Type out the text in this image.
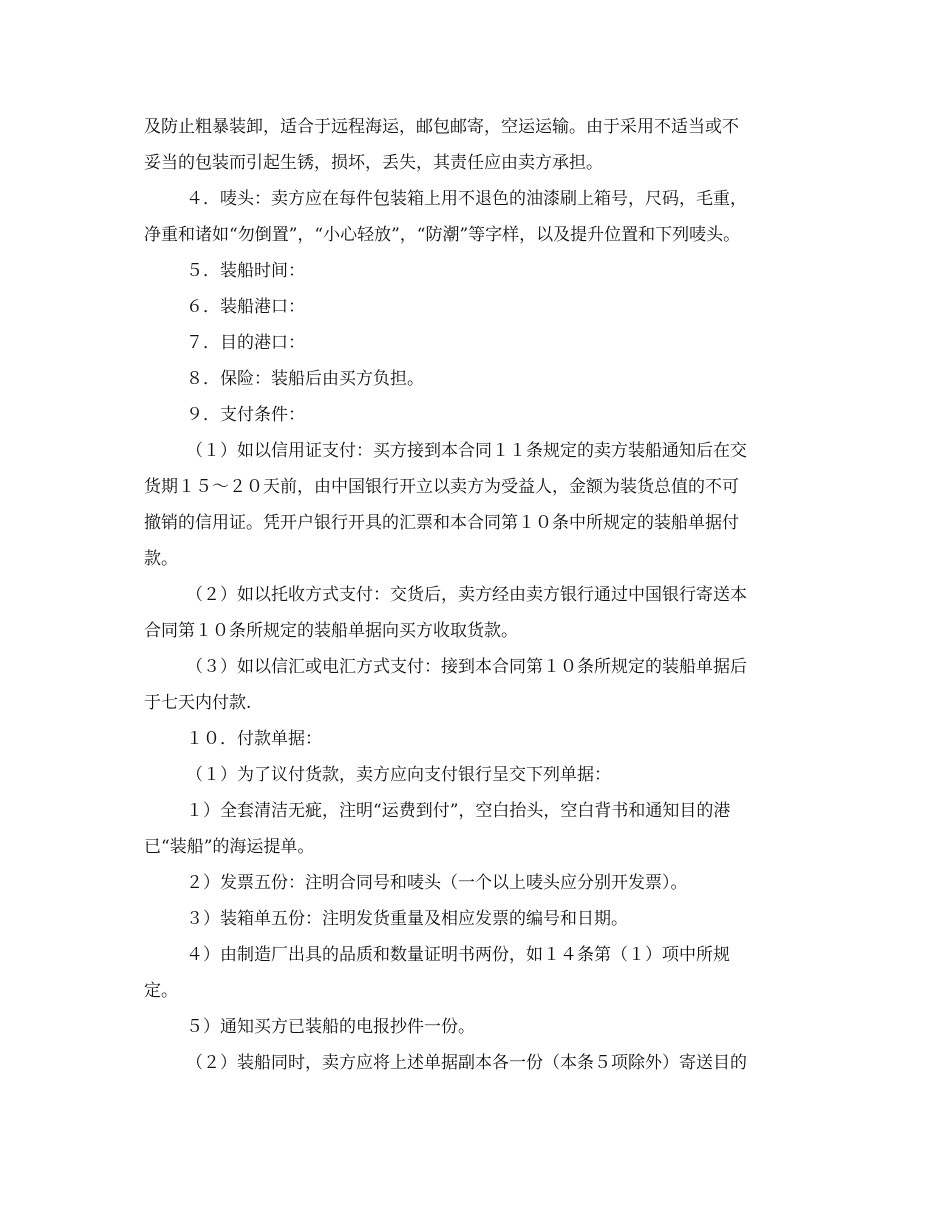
及防止粗暴装卸，适合于远程海运，邮包邮寄，空运运输。由于采用不适当或不
妥当的包装而引起生锈，损坏，丢失，其责任应由卖方承担。
４．唛头：卖方应在每件包装箱上用不退色的油漆刷上箱号，尺码，毛重，
净重和诸如“勿倒置”，“小心轻放”，“防潮”等字样，以及提升位置和下列唛头。
５．装船时间：
６．装船港口：
７．目的港口：
８．保险：装船后由买方负担。
９．支付条件：
（１）如以信用证支付：买方接到本合同１１条规定的卖方装船通知后在交
货期１５～２０天前，由中国银行开立以卖方为受益人，金额为装货总值的不可
撤销的信用证。凭开户银行开具的汇票和本合同第１０条中所规定的装船单据付
款。
（２）如以托收方式支付：交货后，卖方经由卖方银行通过中国银行寄送本
合同第１０条所规定的装船单据向买方收取货款。
（３）如以信汇或电汇方式支付：接到本合同第１０条所规定的装船单据后
于七天内付款.
１０．付款单据：
（１）为了议付货款，卖方应向支付银行呈交下列单据：
１）全套清洁无疵，注明“运费到付”，空白抬头，空白背书和通知目的港
已“装船”的海运提单。
２）发票五份：注明合同号和唛头（一个以上唛头应分别开发票）。
３）装箱单五份：注明发货重量及相应发票的编号和日期。
４）由制造厂出具的品质和数量证明书两份，如１４条第（１）项中所规
定。
５）通知买方已装船的电报抄件一份。
（２）装船同时，卖方应将上述单据副本各一份（本条５项除外）寄送目的
